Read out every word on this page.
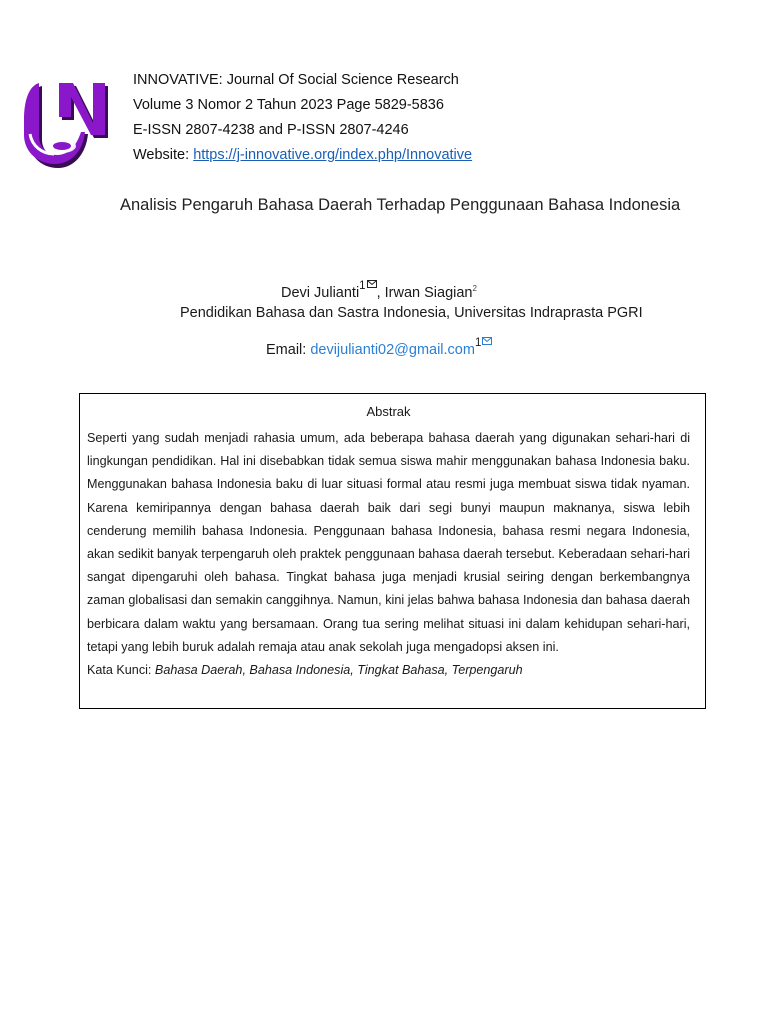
INNOVATIVE: Journal Of Social Science Research
Volume 3 Nomor 2 Tahun 2023 Page 5829-5836
E-ISSN 2807-4238 and P-ISSN 2807-4246
Website: https://j-innovative.org/index.php/Innovative
Analisis Pengaruh Bahasa Daerah Terhadap Penggunaan Bahasa Indonesia
Devi Julianti$^1$ , Irwan Siagian$^2$
Pendidikan Bahasa dan Sastra Indonesia, Universitas Indraprasta PGRI
Email: devijulianti02@gmail.com$^1$
Abstrak

Seperti yang sudah menjadi rahasia umum, ada beberapa bahasa daerah yang digunakan sehari-hari di lingkungan pendidikan. Hal ini disebabkan tidak semua siswa mahir menggunakan bahasa Indonesia baku. Menggunakan bahasa Indonesia baku di luar situasi formal atau resmi juga membuat siswa tidak nyaman. Karena kemiripannya dengan bahasa daerah baik dari segi bunyi maupun maknanya, siswa lebih cenderung memilih bahasa Indonesia. Penggunaan bahasa Indonesia, bahasa resmi negara Indonesia, akan sedikit banyak terpengaruh oleh praktek penggunaan bahasa daerah tersebut. Keberadaan sehari-hari sangat dipengaruhi oleh bahasa. Tingkat bahasa juga menjadi krusial seiring dengan berkembangnya zaman globalisasi dan semakin canggihnya. Namun, kini jelas bahwa bahasa Indonesia dan bahasa daerah berbicara dalam waktu yang bersamaan. Orang tua sering melihat situasi ini dalam kehidupan sehari-hari, tetapi yang lebih buruk adalah remaja atau anak sekolah juga mengadopsi aksen ini.

Kata Kunci: Bahasa Daerah, Bahasa Indonesia, Tingkat Bahasa, Terpengaruh
